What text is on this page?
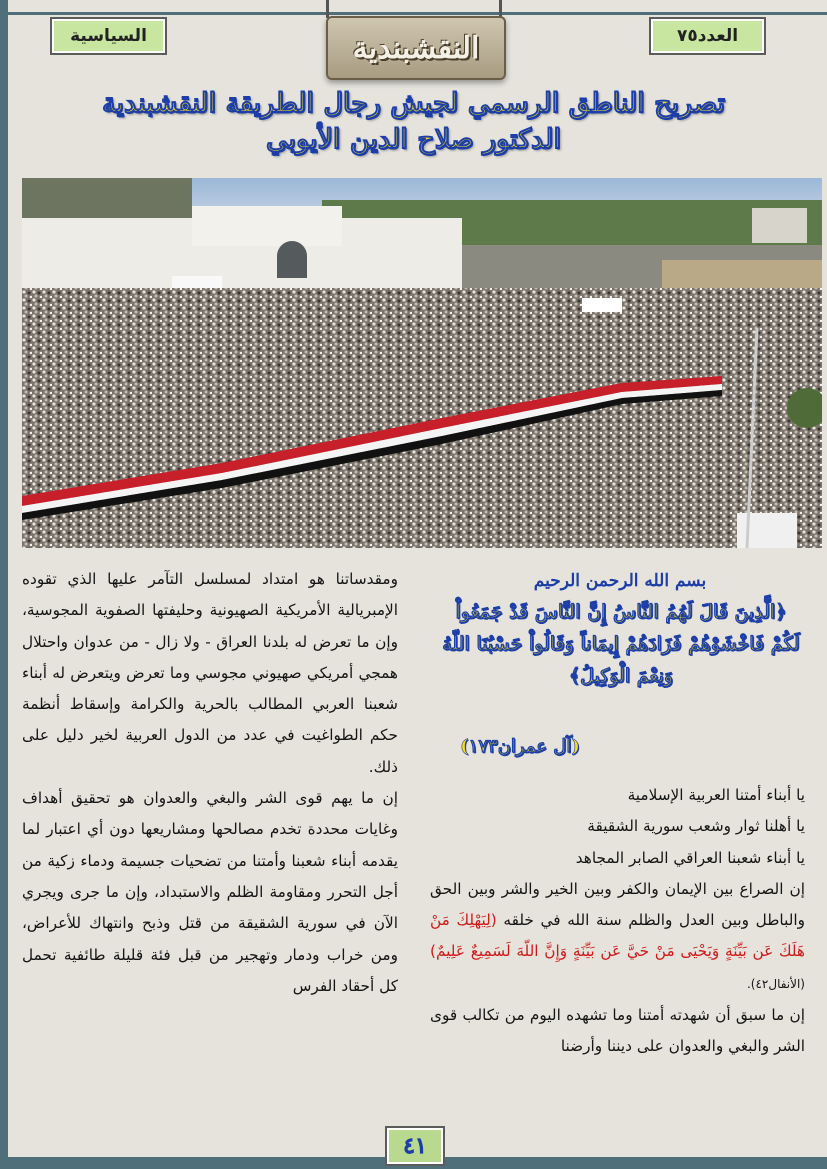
النقشبندية
السياسية	العدد٧٥
تصريح الناطق الرسمي لجيش رجال الطريقة النقشبندية
الدكتور صلاح الدين الأيوبي
بسم الله الرحمن الرحيم
﴿الَّذِينَ قَالَ لَهُمُ النَّاسُ إِنَّ النَّاسَ قَدْ جَمَعُواْ لَكُمْ فَاخْشَوْهُمْ فَزَادَهُمْ إِيمَاناً وَقَالُواْ حَسْبُنَا اللّهُ وَنِعْمَ الْوَكِيلُ﴾
(آل عمران١٧٣)

يا أبناء أمتنا العربية الإسلامية

يا أهلنا ثوار وشعب سورية الشقيقة

يا أبناء شعبنا العراقي الصابر المجاهد

إن الصراع بين الإيمان والكفر وبين الخير والشر وبين الحق والباطل وبين العدل والظلم سنة الله في خلقه (لِيَهْلِكَ مَنْ هَلَكَ عَن بَيِّنَةٍ وَيَحْيَى مَنْ حَيَّ عَن بَيِّنَةٍ وَإِنَّ اللّهَ لَسَمِيعٌ عَلِيمٌ) (الأنفال٤٢).

إن ما سبق أن شهدته أمتنا وما تشهده اليوم من تكالب قوى الشر والبغي والعدوان على ديننا وأرضنا

ومقدساتنا هو امتداد لمسلسل التآمر عليها الذي تقوده الإمبريالية الأمريكية الصهيونية وحليفتها الصفوية المجوسية، وإن ما تعرض له بلدنا العراق - ولا زال - من عدوان واحتلال همجي أمريكي صهيوني مجوسي وما تعرض ويتعرض له أبناء شعبنا العربي المطالب بالحرية والكرامة وإسقاط أنظمة حكم الطواغيت في عدد من الدول العربية لخير دليل على ذلك.

إن ما يهم قوى الشر والبغي والعدوان هو تحقيق أهداف وغايات محددة تخدم مصالحها ومشاريعها دون أي اعتبار لما يقدمه أبناء شعبنا وأمتنا من تضحيات جسيمة ودماء زكية من أجل التحرر ومقاومة الظلم والاستبداد، وإن ما جرى ويجري الآن في سورية الشقيقة من قتل وذبح وانتهاك للأعراض، ومن خراب ودمار وتهجير من قبل فئة قليلة طائفية تحمل كل أحقاد الفرس

٤١
